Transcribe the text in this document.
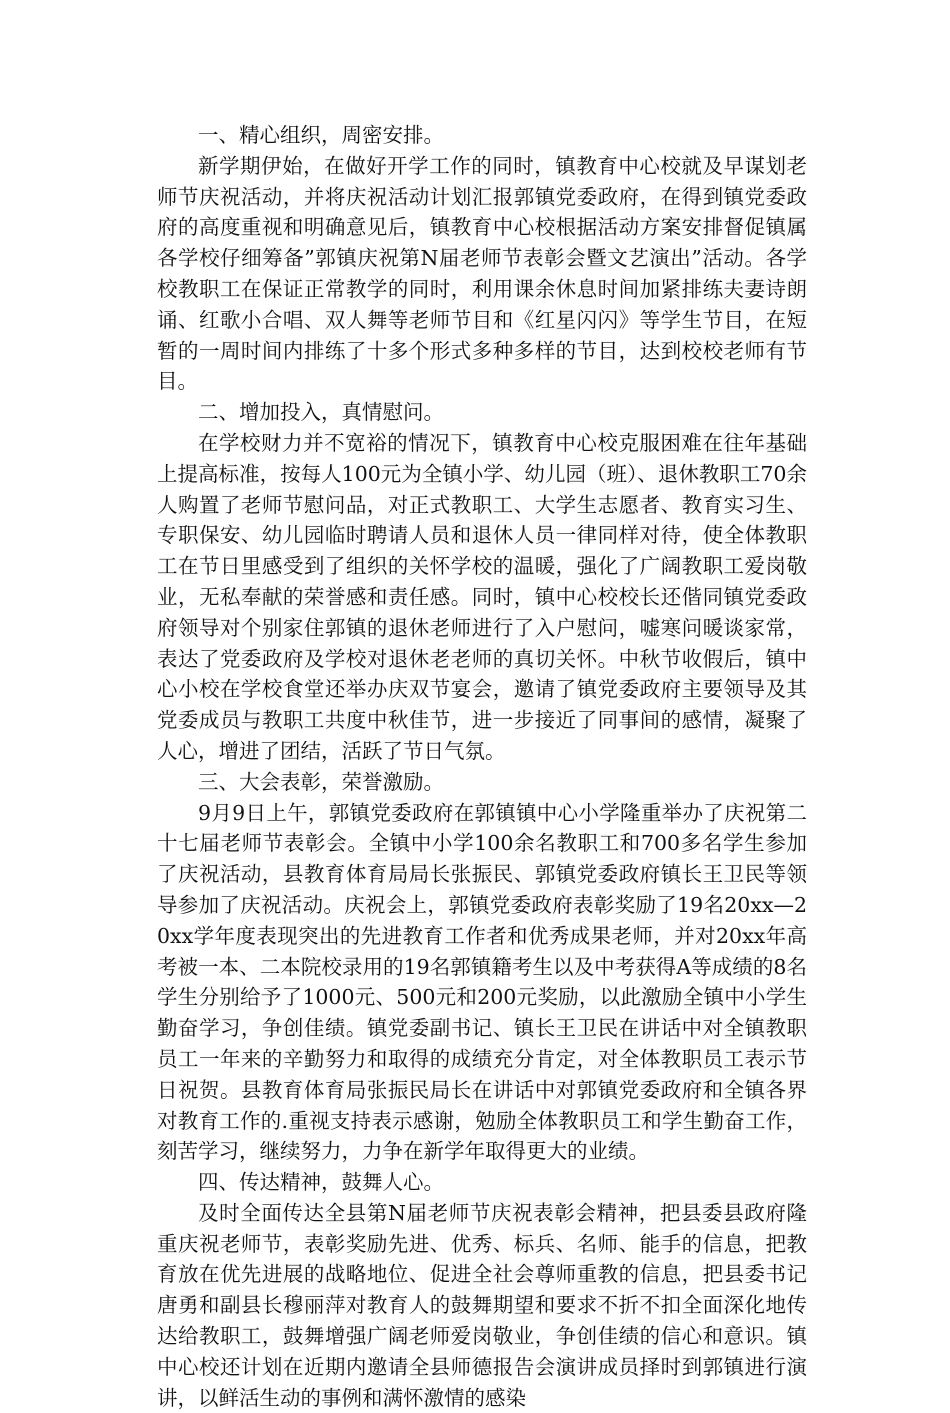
一、精心组织，周密安排。

新学期伊始，在做好开学工作的同时，镇教育中心校就及早谋划老师节庆祝活动，并将庆祝活动计划汇报郭镇党委政府，在得到镇党委政府的高度重视和明确意见后，镇教育中心校根据活动方案安排督促镇属各学校仔细筹备”郭镇庆祝第N届老师节表彰会暨文艺演出”活动。各学校教职工在保证正常教学的同时，利用课余休息时间加紧排练夫妻诗朗诵、红歌小合唱、双人舞等老师节目和《红星闪闪》等学生节目，在短暂的一周时间内排练了十多个形式多种多样的节目，达到校校老师有节目。

二、增加投入，真情慰问。

在学校财力并不宽裕的情况下，镇教育中心校克服困难在往年基础上提高标准，按每人100元为全镇小学、幼儿园（班）、退休教职工70余人购置了老师节慰问品，对正式教职工、大学生志愿者、教育实习生、专职保安、幼儿园临时聘请人员和退休人员一律同样对待，使全体教职工在节日里感受到了组织的关怀学校的温暖，强化了广阔教职工爱岗敬业，无私奉献的荣誉感和责任感。同时，镇中心校校长还偕同镇党委政府领导对个别家住郭镇的退休老师进行了入户慰问，嘘寒问暖谈家常，表达了党委政府及学校对退休老老师的真切关怀。中秋节收假后，镇中心小校在学校食堂还举办庆双节宴会，邀请了镇党委政府主要领导及其党委成员与教职工共度中秋佳节，进一步接近了同事间的感情，凝聚了人心，增进了团结，活跃了节日气氛。

三、大会表彰，荣誉激励。

9月9日上午，郭镇党委政府在郭镇镇中心小学隆重举办了庆祝第二十七届老师节表彰会。全镇中小学100余名教职工和700多名学生参加了庆祝活动，县教育体育局局长张振民、郭镇党委政府镇长王卫民等领导参加了庆祝活动。庆祝会上，郭镇党委政府表彰奖励了19名20xx—20xx学年度表现突出的先进教育工作者和优秀成果老师，并对20xx年高考被一本、二本院校录用的19名郭镇籍考生以及中考获得A等成绩的8名学生分别给予了1000元、500元和200元奖励，以此激励全镇中小学生勤奋学习，争创佳绩。镇党委副书记、镇长王卫民在讲话中对全镇教职员工一年来的辛勤努力和取得的成绩充分肯定，对全体教职员工表示节日祝贺。县教育体育局张振民局长在讲话中对郭镇党委政府和全镇各界对教育工作的.重视支持表示感谢，勉励全体教职员工和学生勤奋工作，刻苦学习，继续努力，力争在新学年取得更大的业绩。

四、传达精神，鼓舞人心。

及时全面传达全县第N届老师节庆祝表彰会精神，把县委县政府隆重庆祝老师节，表彰奖励先进、优秀、标兵、名师、能手的信息，把教育放在优先进展的战略地位、促进全社会尊师重教的信息，把县委书记唐勇和副县长穆丽萍对教育人的鼓舞期望和要求不折不扣全面深化地传达给教职工，鼓舞增强广阔老师爱岗敬业，争创佳绩的信心和意识。镇中心校还计划在近期内邀请全县师德报告会演讲成员择时到郭镇进行演讲，以鲜活生动的事例和满怀激情的感染
